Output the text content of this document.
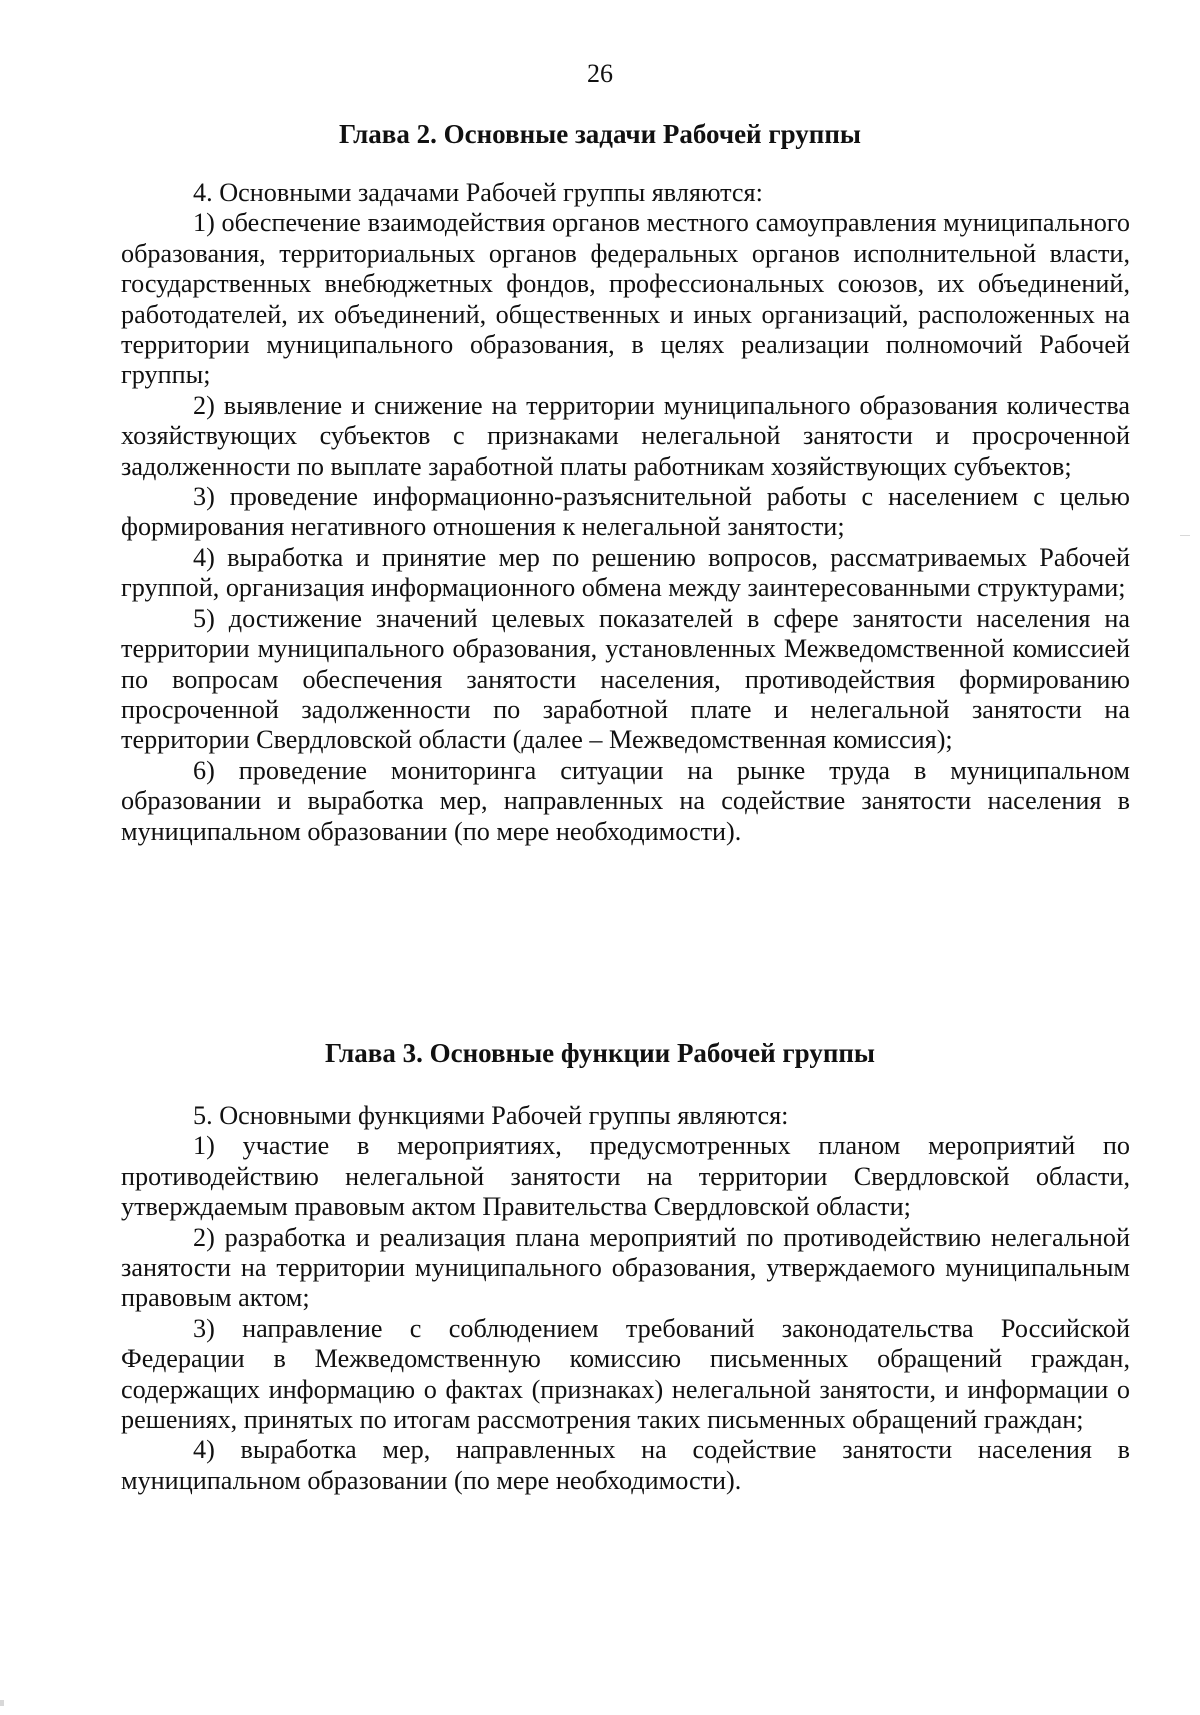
26
Глава 2. Основные задачи Рабочей группы

4. Основными задачами Рабочей группы являются:

1) обеспечение взаимодействия органов местного самоуправления муниципального образования, территориальных органов федеральных органов исполнительной власти, государственных внебюджетных фондов, профессиональных союзов, их объединений, работодателей, их объединений, общественных и иных организаций, расположенных на территории муниципального образования, в целях реализации полномочий Рабочей группы;

2) выявление и снижение на территории муниципального образования количества хозяйствующих субъектов с признаками нелегальной занятости и просроченной задолженности по выплате заработной платы работникам хозяйствующих субъектов;

3) проведение информационно-разъяснительной работы с населением с целью формирования негативного отношения к нелегальной занятости;

4) выработка и принятие мер по решению вопросов, рассматриваемых Рабочей группой, организация информационного обмена между заинтересованными структурами;

5) достижение значений целевых показателей в сфере занятости населения на территории муниципального образования, установленных Межведомственной комиссией по вопросам обеспечения занятости населения, противодействия формированию просроченной задолженности по заработной плате и нелегальной занятости на территории Свердловской области (далее – Межведомственная комиссия);

6) проведение мониторинга ситуации на рынке труда в муниципальном образовании и выработка мер, направленных на содействие занятости населения в муниципальном образовании (по мере необходимости).

Глава 3. Основные функции Рабочей группы

5. Основными функциями Рабочей группы являются:

1) участие в мероприятиях, предусмотренных планом мероприятий по противодействию нелегальной занятости на территории Свердловской области, утверждаемым правовым актом Правительства Свердловской области;

2) разработка и реализация плана мероприятий по противодействию нелегальной занятости на территории муниципального образования, утверждаемого муниципальным правовым актом;

3) направление с соблюдением требований законодательства Российской Федерации в Межведомственную комиссию письменных обращений граждан, содержащих информацию о фактах (признаках) нелегальной занятости, и информации о решениях, принятых по итогам рассмотрения таких письменных обращений граждан;

4) выработка мер, направленных на содействие занятости населения в муниципальном образовании (по мере необходимости).
